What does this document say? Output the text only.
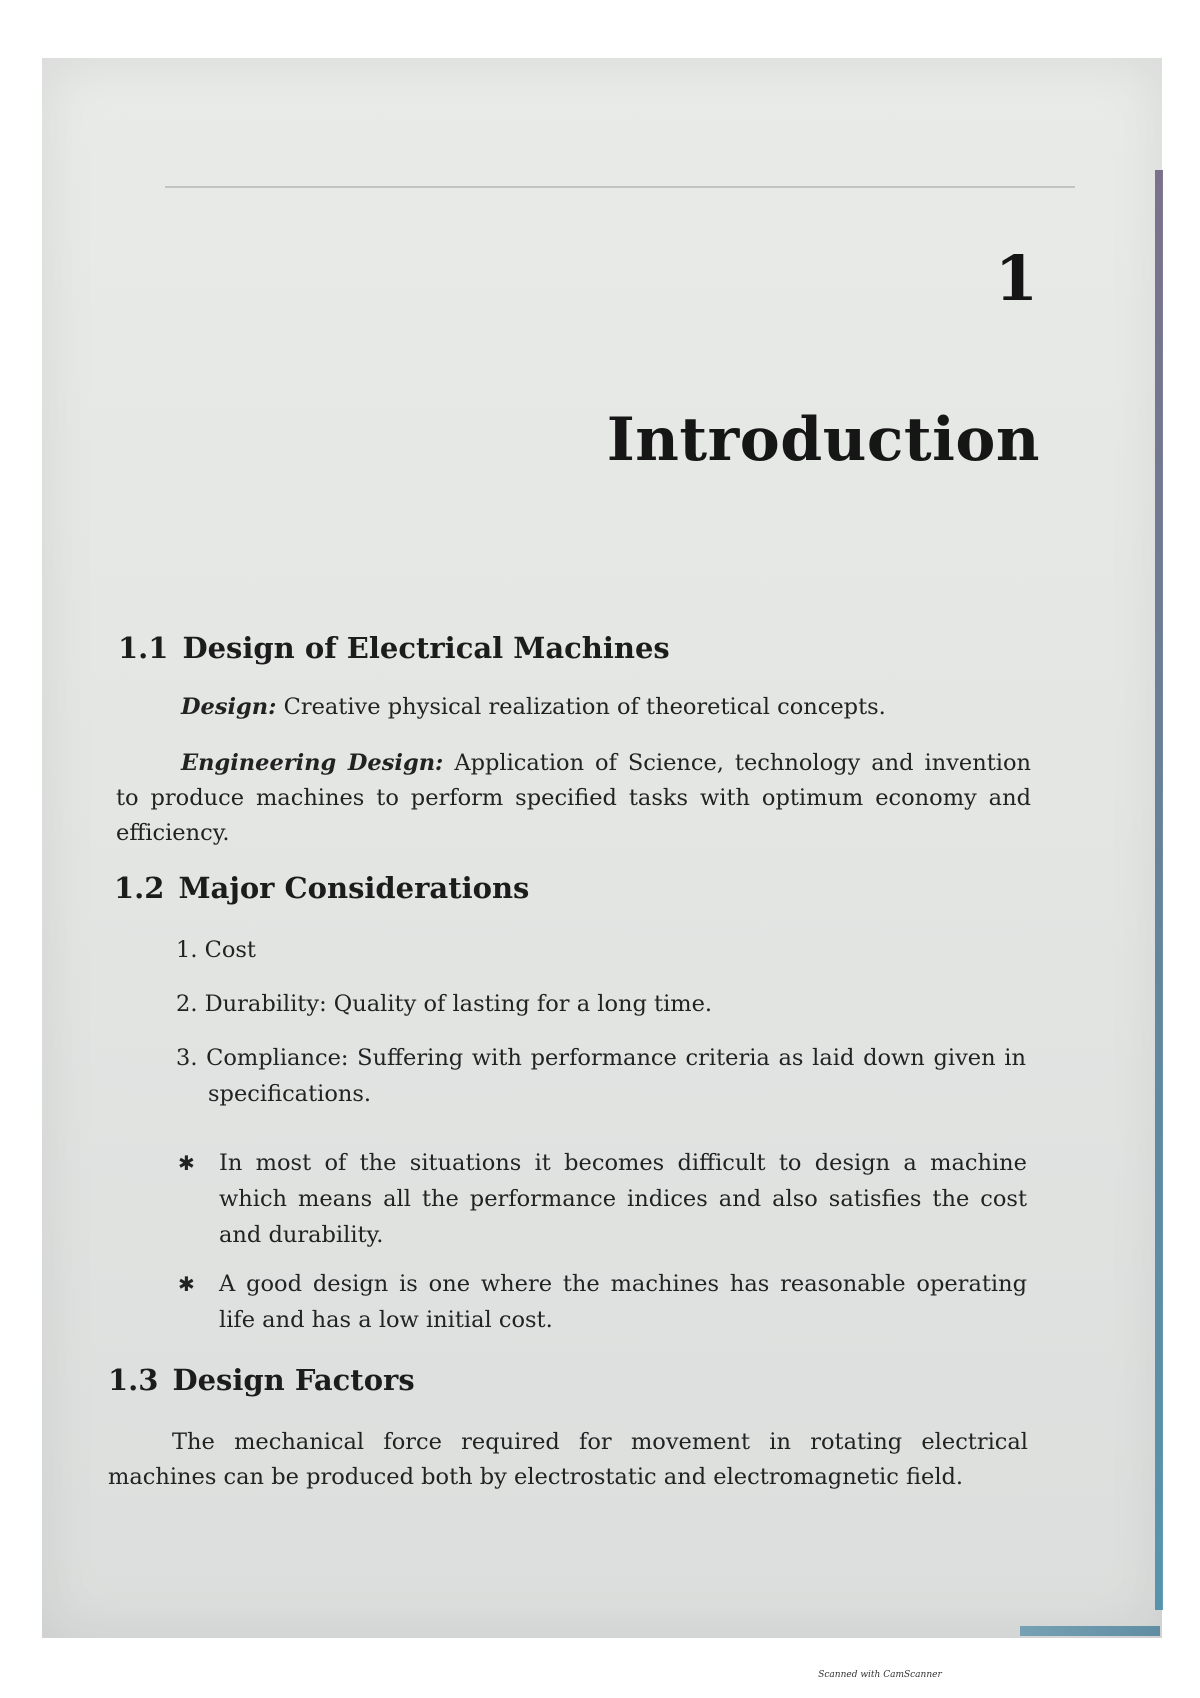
1
Introduction
1.1 Design of Electrical Machines
Design: Creative physical realization of theoretical concepts.
Engineering Design: Application of Science, technology and invention to produce machines to perform specified tasks with optimum economy and efficiency.
1.2 Major Considerations
1. Cost
2. Durability: Quality of lasting for a long time.
3. Compliance: Suffering with performance criteria as laid down given in specifications.
✱ In most of the situations it becomes difficult to design a machine which means all the performance indices and also satisfies the cost and durability.
✱ A good design is one where the machines has reasonable operating life and has a low initial cost.
1.3 Design Factors
The mechanical force required for movement in rotating electrical machines can be produced both by electrostatic and electromagnetic field.
Scanned with CamScanner
